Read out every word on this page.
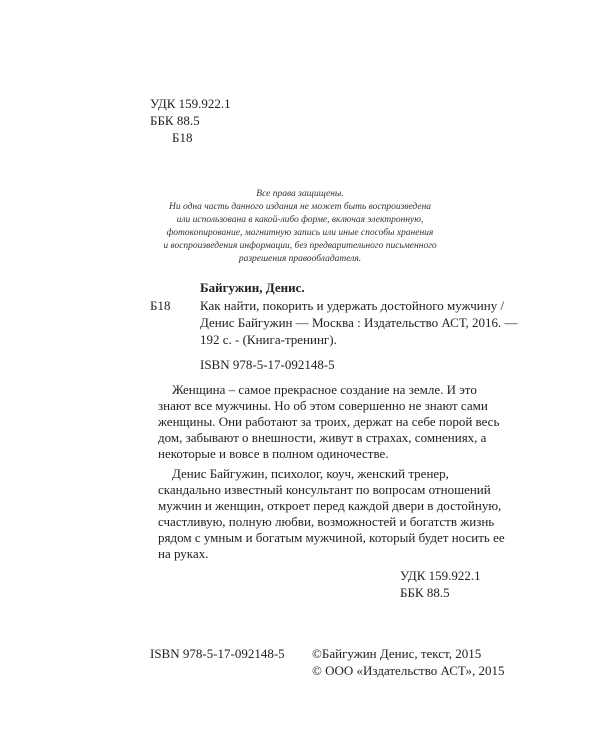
УДК 159.922.1
ББК 88.5
Б18
Все права защищены.
Ни одна часть данного издания не может быть воспроизведена
или использована в какой-либо форме, включая электронную,
фотокопирование, магнитную запись или иные способы хранения
и воспроизведения информации, без предварительного письменного
разрешения правообладателя.
Байгужин, Денис.
Б18 Как найти, покорить и удержать достойного мужчину /
Денис Байгужин — Москва : Издательство АСТ, 2016. —
192 с. - (Книга-тренинг).
ISBN 978-5-17-092148-5
Женщина – самое прекрасное создание на земле. И это
знают все мужчины. Но об этом совершенно не знают сами
женщины. Они работают за троих, держат на себе порой весь
дом, забывают о внешности, живут в страхах, сомнениях, а
некоторые и вовсе в полном одиночестве.
Денис Байгужин, психолог, коуч, женский тренер,
скандально известный консультант по вопросам отношений
мужчин и женщин, откроет перед каждой двери в достойную,
счастливую, полную любви, возможностей и богатств жизнь
рядом с умным и богатым мужчиной, который будет носить ее
на руках.
УДК 159.922.1
ББК 88.5
ISBN 978-5-17-092148-5 ©Байгужин Денис, текст, 2015
© ООО «Издательство АСТ», 2015
